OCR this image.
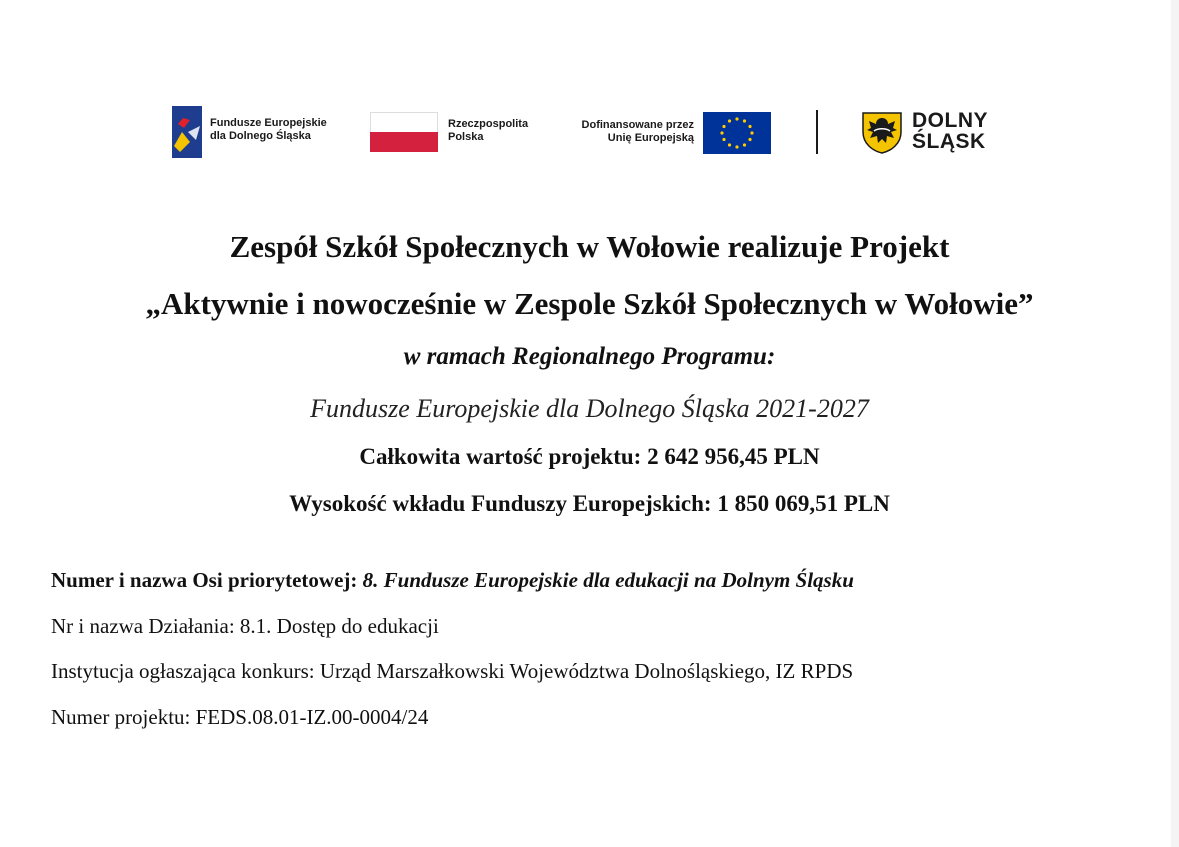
Fundusze Europejskie
dla Dolnego Śląska
Rzeczpospolita
Polska
Dofinansowane przez
Unię Europejską
DOLNY
ŚLĄSK
Zespół Szkół Społecznych w Wołowie realizuje Projekt
„Aktywnie i nowocześnie w Zespole Szkół Społecznych w Wołowie”
w ramach Regionalnego Programu:
Fundusze Europejskie dla Dolnego Śląska 2021-2027
Całkowita wartość projektu: 2 642 956,45 PLN
Wysokość wkładu Funduszy Europejskich: 1 850 069,51 PLN
Numer i nazwa Osi priorytetowej: 8. Fundusze Europejskie dla edukacji na Dolnym Śląsku
Nr i nazwa Działania: 8.1. Dostęp do edukacji
Instytucja ogłaszająca konkurs: Urząd Marszałkowski Województwa Dolnośląskiego, IZ RPDS
Numer projektu: FEDS.08.01-IZ.00-0004/24
